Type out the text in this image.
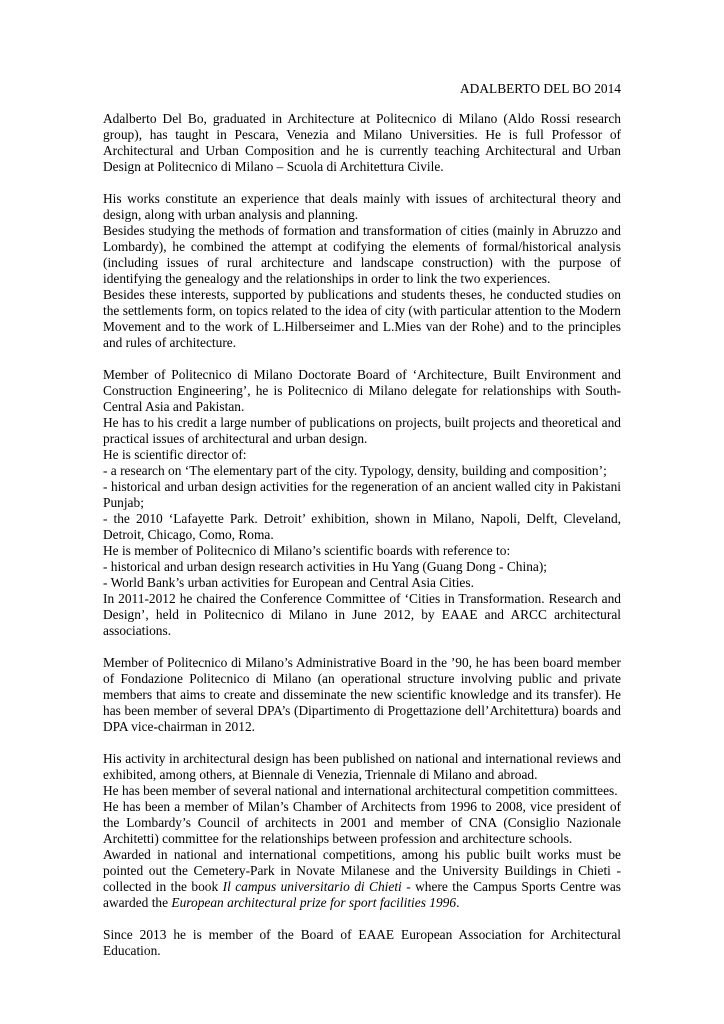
ADALBERTO DEL BO 2014

Adalberto Del Bo, graduated in Architecture at Politecnico di Milano (Aldo Rossi research group), has taught in Pescara, Venezia and Milano Universities. He is full Professor of Architectural and Urban Composition and he is currently teaching Architectural and Urban Design at Politecnico di Milano – Scuola di Architettura Civile.

His works constitute an experience that deals mainly with issues of architectural theory and design, along with urban analysis and planning.

Besides studying the methods of formation and transformation of cities (mainly in Abruzzo and Lombardy), he combined the attempt at codifying the elements of formal/historical analysis (including issues of rural architecture and landscape construction) with the purpose of identifying the genealogy and the relationships in order to link the two experiences.

Besides these interests, supported by publications and students theses, he conducted studies on the settlements form, on topics related to the idea of city (with particular attention to the Modern Movement and to the work of L.Hilberseimer and L.Mies van der Rohe) and to the principles and rules of architecture.

Member of Politecnico di Milano Doctorate Board of ‘Architecture, Built Environment and Construction Engineering’, he is Politecnico di Milano delegate for relationships with South-Central Asia and Pakistan.

He has to his credit a large number of publications on projects, built projects and theoretical and practical issues of architectural and urban design.

He is scientific director of:

- a research on ‘The elementary part of the city. Typology, density, building and composition’;

- historical and urban design activities for the regeneration of an ancient walled city in Pakistani Punjab;

- the 2010 ‘Lafayette Park. Detroit’ exhibition, shown in Milano, Napoli, Delft, Cleveland, Detroit, Chicago, Como, Roma.

He is member of Politecnico di Milano’s scientific boards with reference to:

- historical and urban design research activities in Hu Yang (Guang Dong - China);

- World Bank’s urban activities for European and Central Asia Cities.

In 2011-2012 he chaired the Conference Committee of ‘Cities in Transformation. Research and Design’, held in Politecnico di Milano in June 2012, by EAAE and ARCC architectural associations.

Member of Politecnico di Milano’s Administrative Board in the ’90, he has been board member of Fondazione Politecnico di Milano (an operational structure involving public and private members that aims to create and disseminate the new scientific knowledge and its transfer). He has been member of several DPA’s (Dipartimento di Progettazione dell’Architettura) boards and DPA vice-chairman in 2012.

His activity in architectural design has been published on national and international reviews and exhibited, among others, at Biennale di Venezia, Triennale di Milano and abroad.

He has been member of several national and international architectural competition committees.

He has been a member of Milan’s Chamber of Architects from 1996 to 2008, vice president of the Lombardy’s Council of architects in 2001 and member of CNA (Consiglio Nazionale Architetti) committee for the relationships between profession and architecture schools.

Awarded in national and international competitions, among his public built works must be pointed out the Cemetery-Park in Novate Milanese and the University Buildings in Chieti - collected in the book Il campus universitario di Chieti - where the Campus Sports Centre was awarded the European architectural prize for sport facilities 1996.

Since 2013 he is member of the Board of EAAE European Association for Architectural Education.
